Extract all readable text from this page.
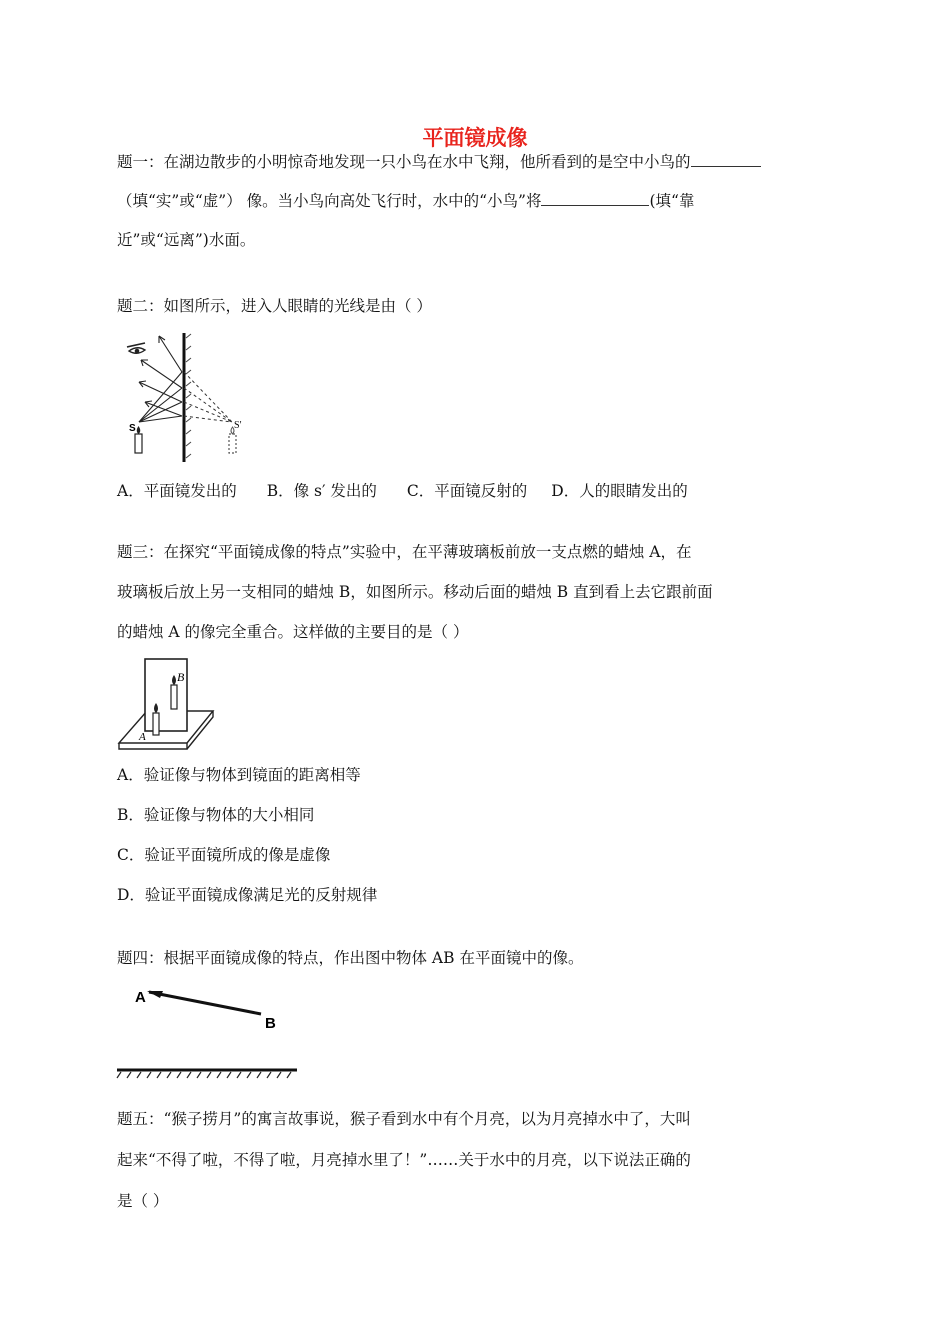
平面镜成像
题一：在湖边散步的小明惊奇地发现一只小鸟在水中飞翔，他所看到的是空中小鸟的
（填“实”或“虚”） 像。当小鸟向高处飞行时，水中的“小鸟”将	(填“靠
近”或“远离”)水面。
题二：如图所示，进入人眼睛的光线是由（ ）
S	S′
A．平面镜发出的 B．像 s′ 发出的 C．平面镜反射的 D．人的眼睛发出的
题三：在探究“平面镜成像的特点”实验中，在平薄玻璃板前放一支点燃的蜡烛 A，在
玻璃板后放上另一支相同的蜡烛 B，如图所示。移动后面的蜡烛 B 直到看上去它跟前面
的蜡烛 A 的像完全重合。这样做的主要目的是（ ）
B
A
A．验证像与物体到镜面的距离相等
B．验证像与物体的大小相同
C．验证平面镜所成的像是虚像
D．验证平面镜成像满足光的反射规律
题四：根据平面镜成像的特点，作出图中物体 AB 在平面镜中的像。
A
B
题五：“猴子捞月”的寓言故事说，猴子看到水中有个月亮，以为月亮掉水中了，大叫
起来“不得了啦，不得了啦，月亮掉水里了！”……关于水中的月亮，以下说法正确的
是（ ）
